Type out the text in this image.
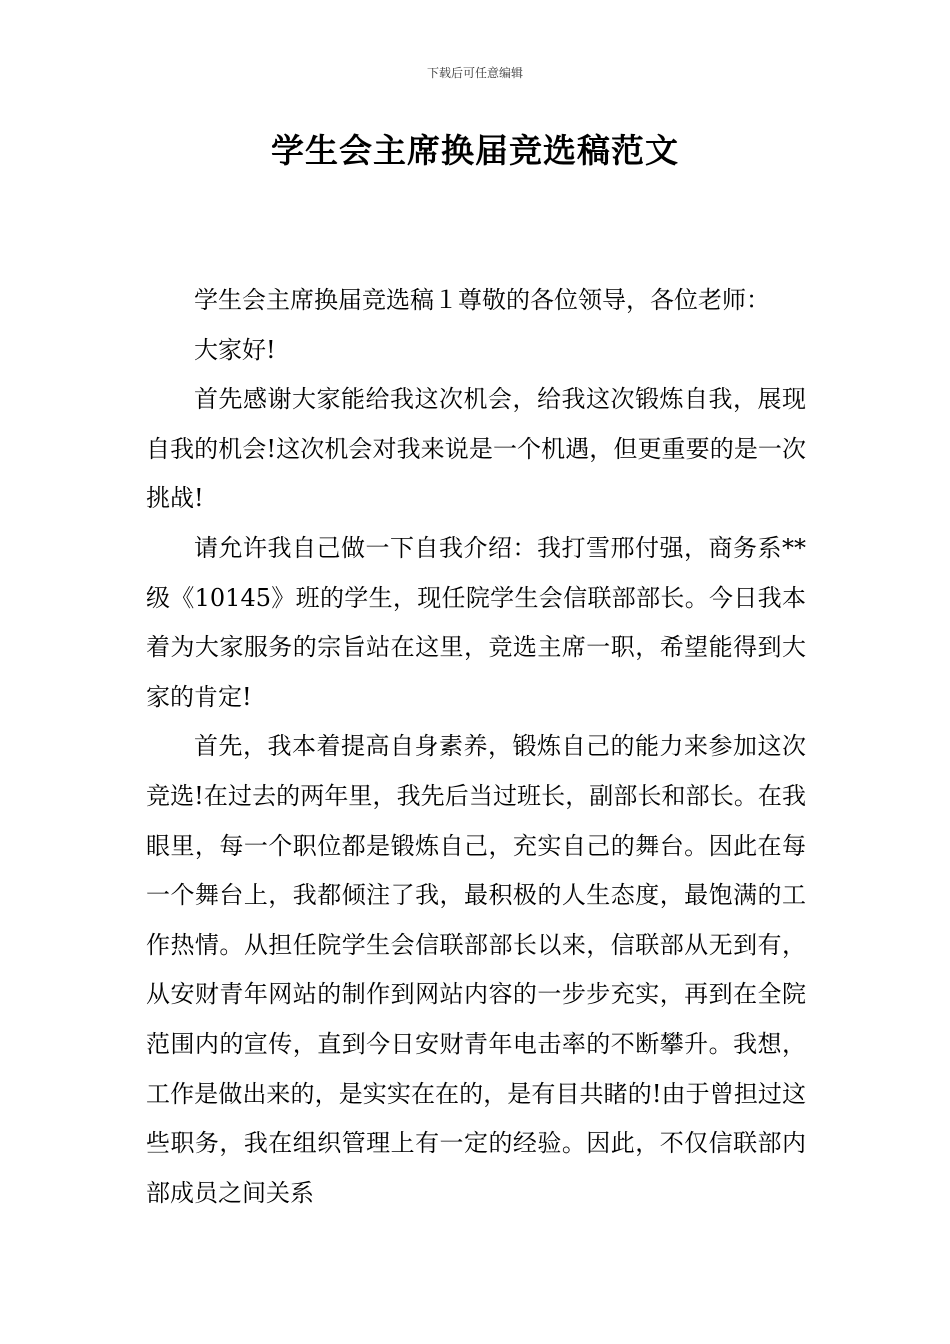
下载后可任意编辑
学生会主席换届竞选稿范文

学生会主席换届竞选稿１尊敬的各位领导，各位老师：

大家好!

首先感谢大家能给我这次机会，给我这次锻炼自我，展现自我的机会!这次机会对我来说是一个机遇，但更重要的是一次挑战!

请允许我自己做一下自我介绍：我打雪邢付强，商务系**级《10145》班的学生，现任院学生会信联部部长。今日我本着为大家服务的宗旨站在这里，竞选主席一职，希望能得到大家的肯定!

首先，我本着提高自身素养，锻炼自己的能力来参加这次竞选!在过去的两年里，我先后当过班长，副部长和部长。在我眼里，每一个职位都是锻炼自己，充实自己的舞台。因此在每一个舞台上，我都倾注了我，最积极的人生态度，最饱满的工作热情。从担任院学生会信联部部长以来，信联部从无到有，从安财青年网站的制作到网站内容的一步步充实，再到在全院范围内的宣传，直到今日安财青年电击率的不断攀升。我想，工作是做出来的，是实实在在的，是有目共睹的!由于曾担过这些职务，我在组织管理上有一定的经验。因此，不仅信联部内部成员之间关系
